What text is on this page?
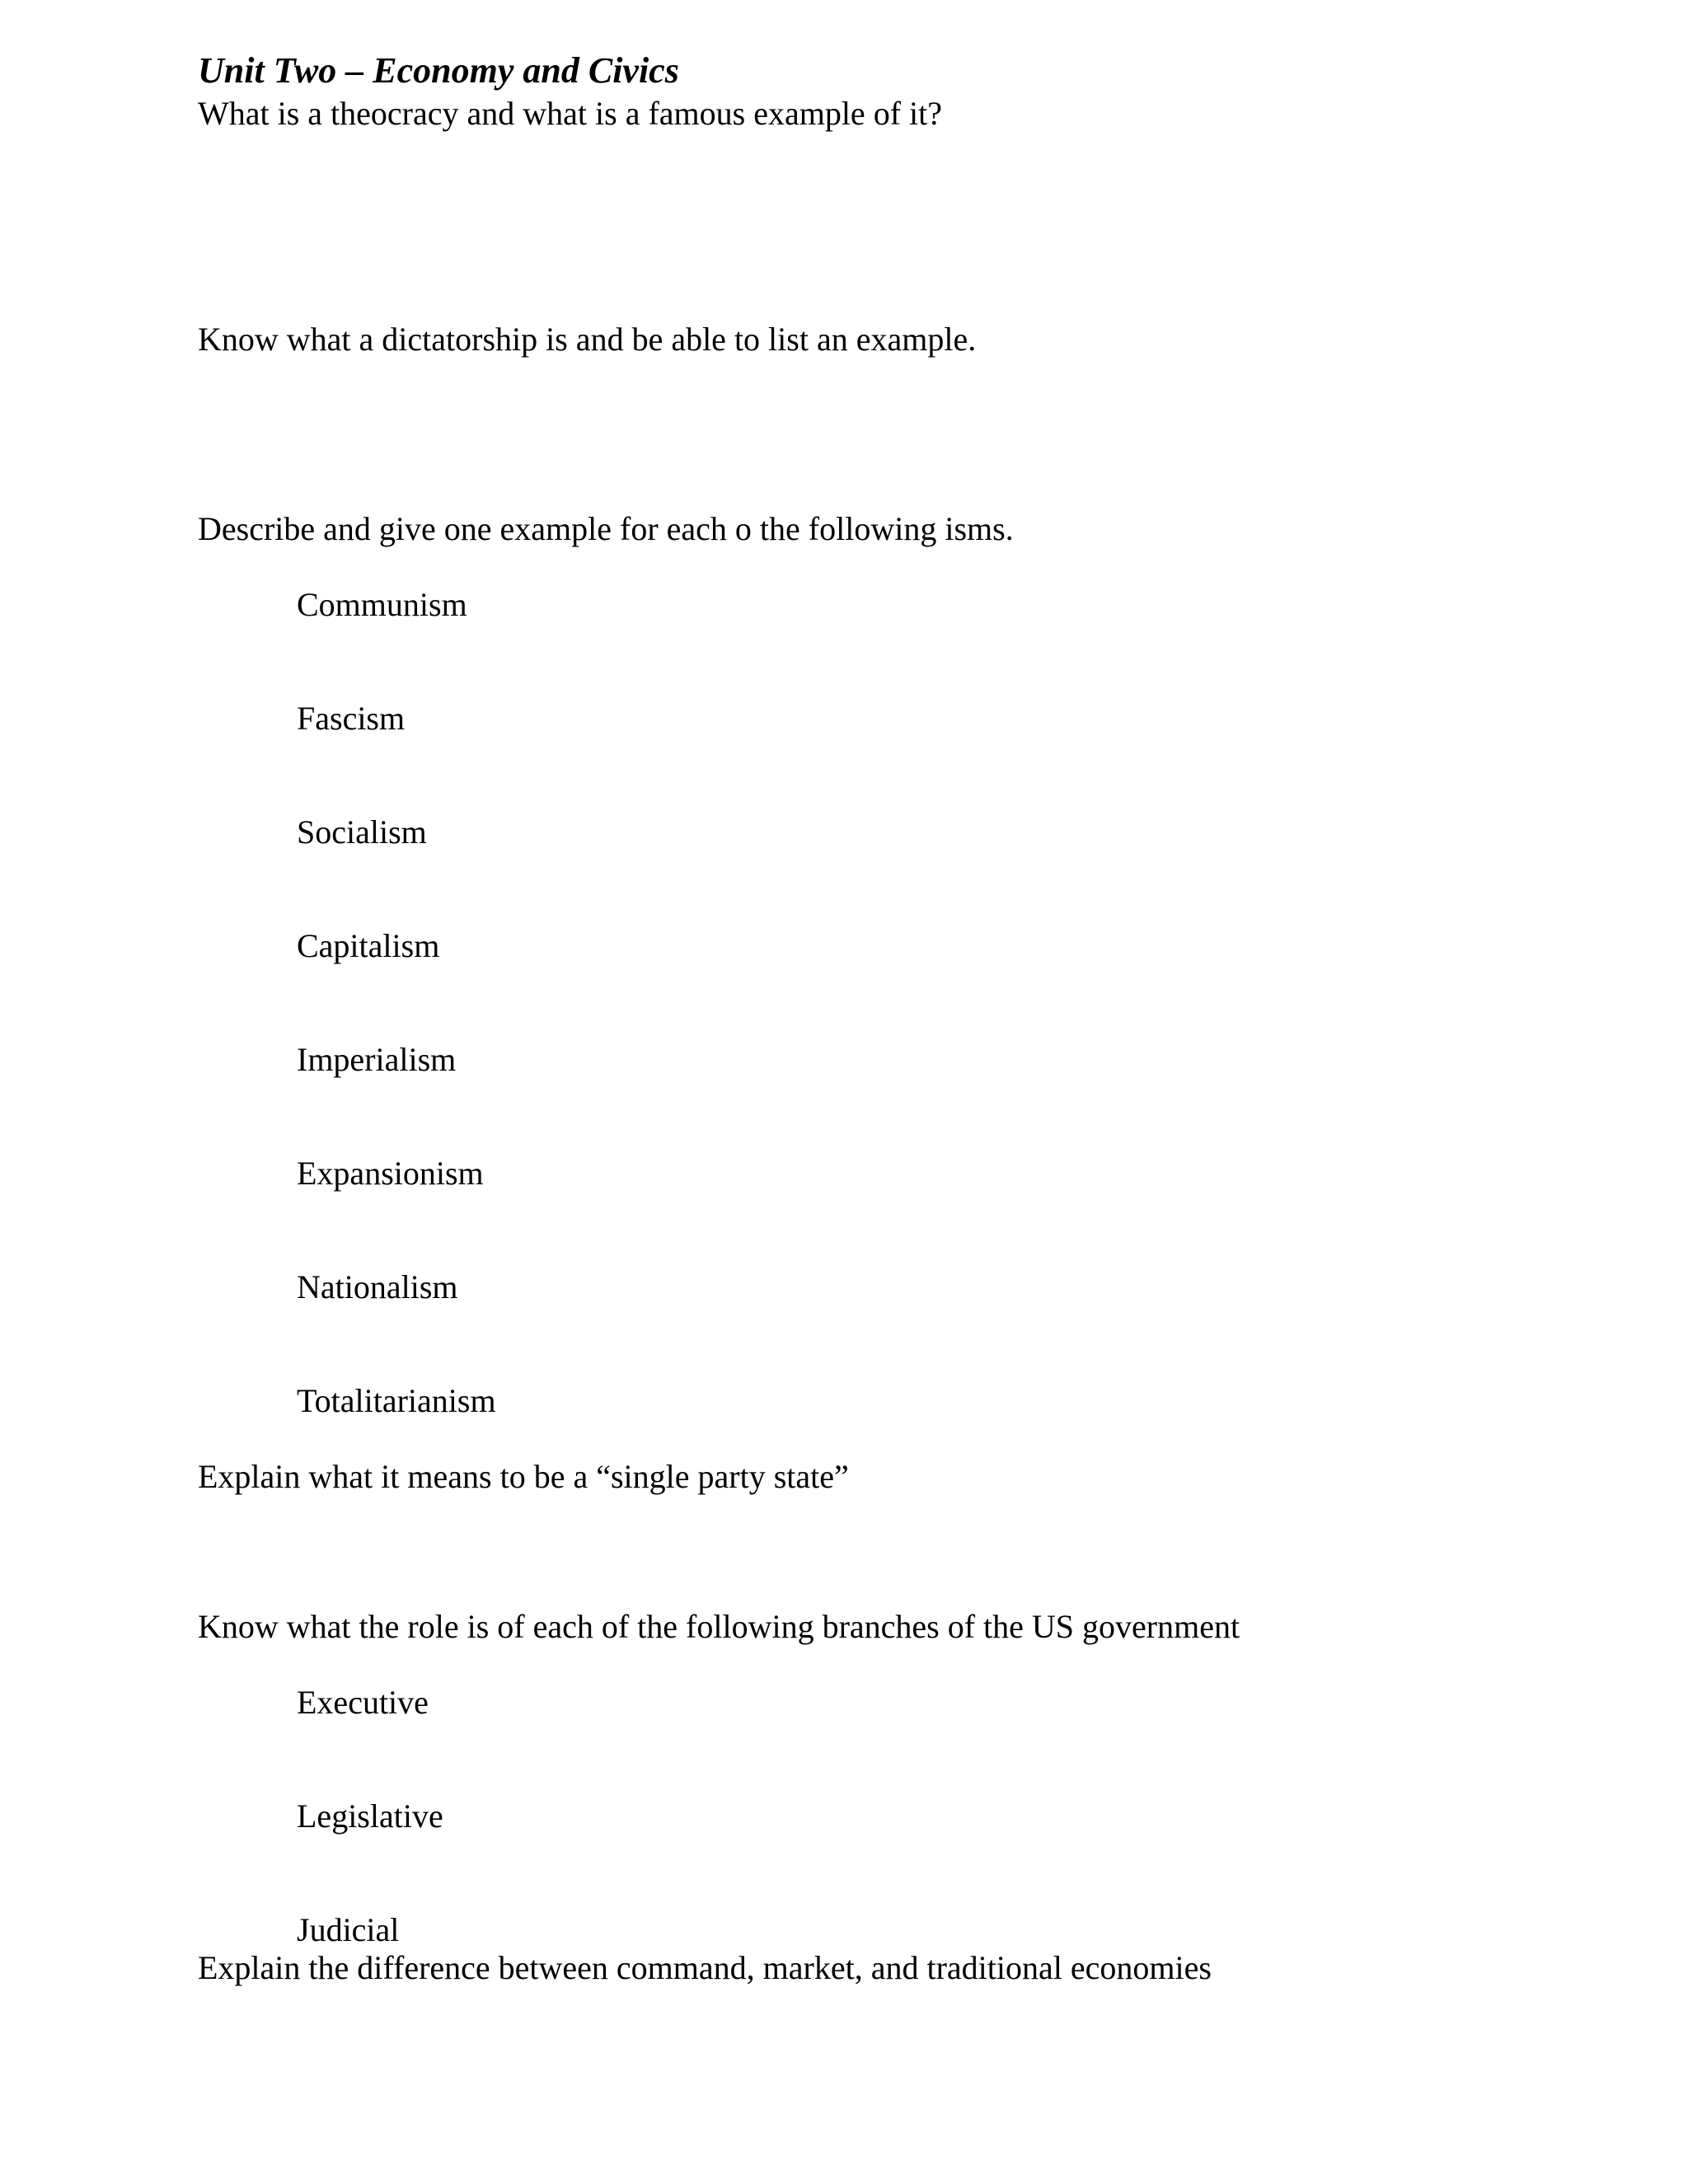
Unit Two – Economy and Civics
What is a theocracy and what is a famous example of it?
Know what a dictatorship is and be able to list an example.
Describe and give one example for each o the following isms.
Communism
Fascism
Socialism
Capitalism
Imperialism
Expansionism
Nationalism
Totalitarianism
Explain what it means to be a “single party state”
Know what the role is of each of the following branches of the US government
Executive
Legislative
Judicial
Explain the difference between command, market, and traditional economies
